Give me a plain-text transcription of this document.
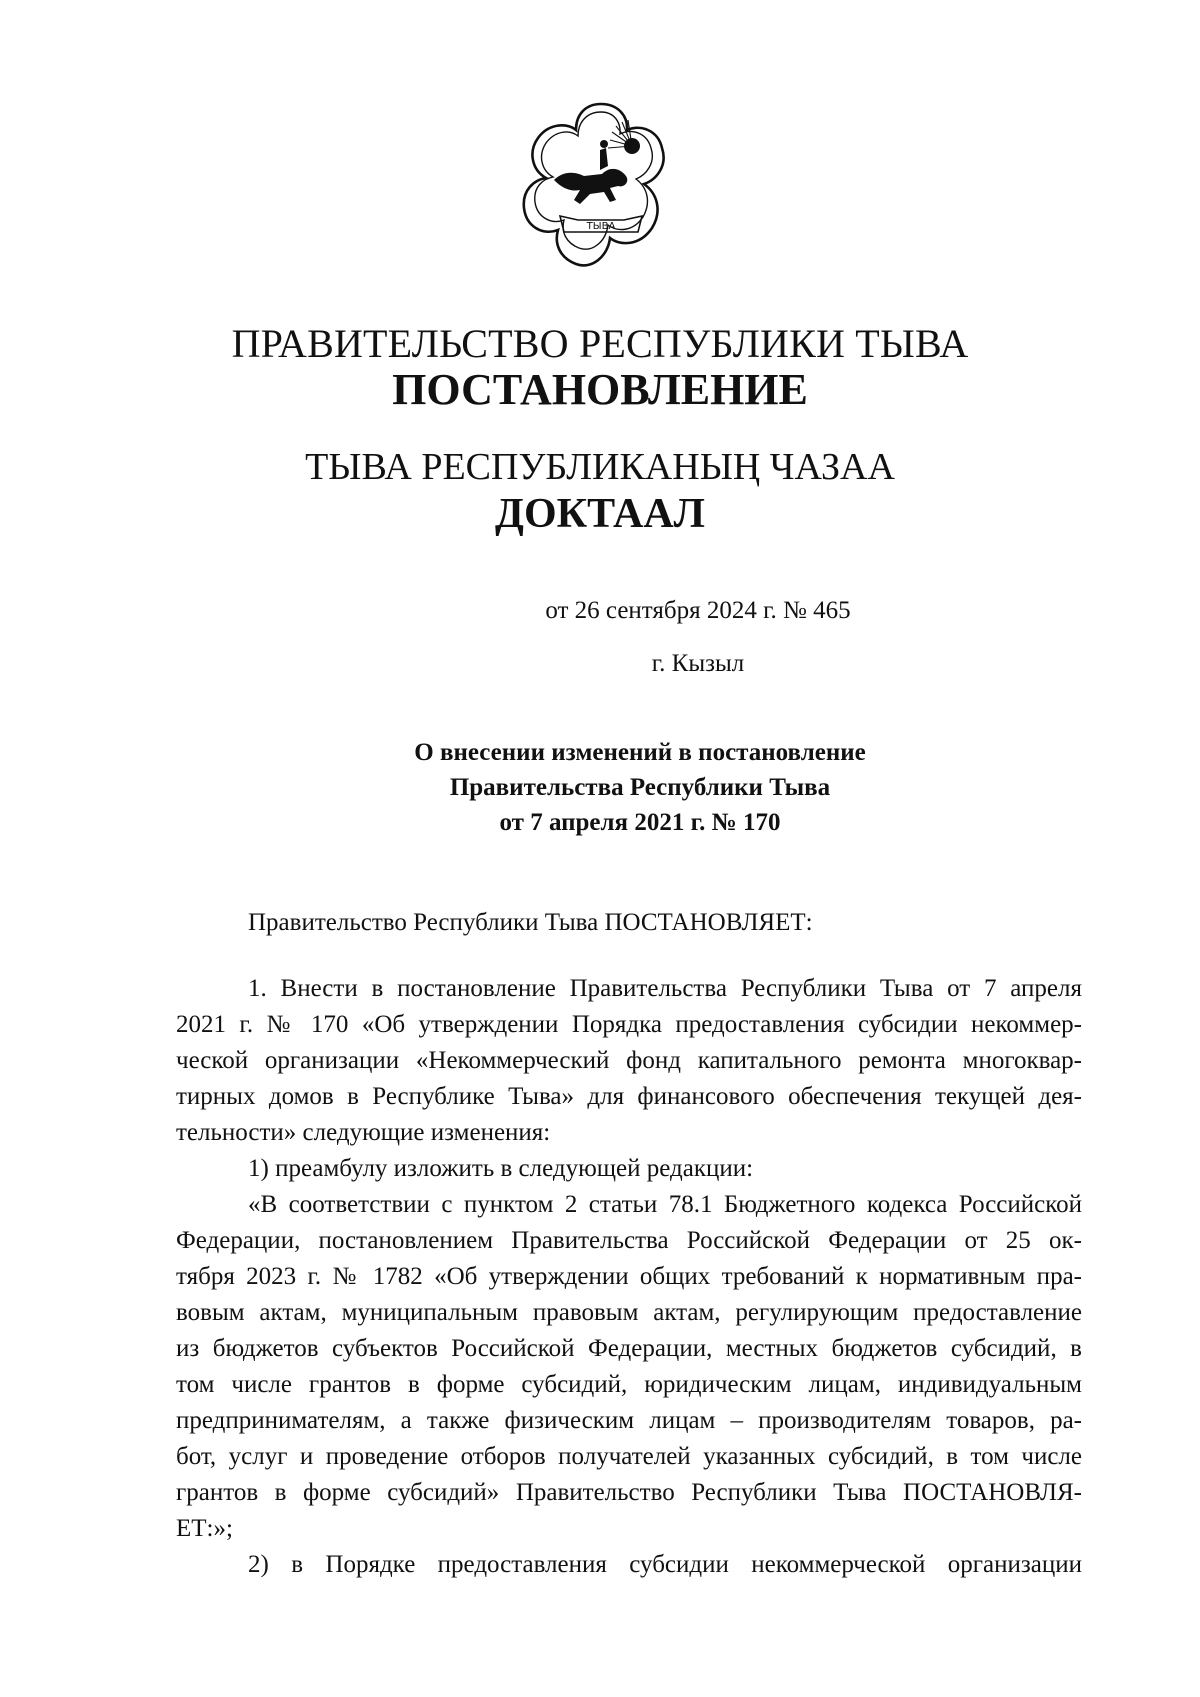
ТЫВА
ПРАВИТЕЛЬСТВО РЕСПУБЛИКИ ТЫВА
ПОСТАНОВЛЕНИЕ
ТЫВА РЕСПУБЛИКАНЫҢ ЧАЗАА
ДОКТААЛ
от 26 сентября 2024 г. № 465
г. Кызыл
О внесении изменений в постановление
Правительства Республики Тыва
от 7 апреля 2021 г. № 170

Правительство Республики Тыва ПОСТАНОВЛЯЕТ:

1. Внести в постановление Правительства Республики Тыва от 7 апреля

2021 г. № 170 «Об утверждении Порядка предоставления субсидии некоммер-

ческой организации «Некоммерческий фонд капитального ремонта многоквар-

тирных домов в Республике Тыва» для финансового обеспечения текущей дея-

тельности» следующие изменения:

1) преамбулу изложить в следующей редакции:

«В соответствии с пунктом 2 статьи 78.1 Бюджетного кодекса Российской

Федерации, постановлением Правительства Российской Федерации от 25 ок-

тября 2023 г. № 1782 «Об утверждении общих требований к нормативным пра-

вовым актам, муниципальным правовым актам, регулирующим предоставление

из бюджетов субъектов Российской Федерации, местных бюджетов субсидий, в

том числе грантов в форме субсидий, юридическим лицам, индивидуальным

предпринимателям, а также физическим лицам – производителям товаров, ра-

бот, услуг и проведение отборов получателей указанных субсидий, в том числе

грантов в форме субсидий» Правительство Республики Тыва ПОСТАНОВЛЯ-

ЕТ:»;

2) в Порядке предоставления субсидии некоммерческой организации
